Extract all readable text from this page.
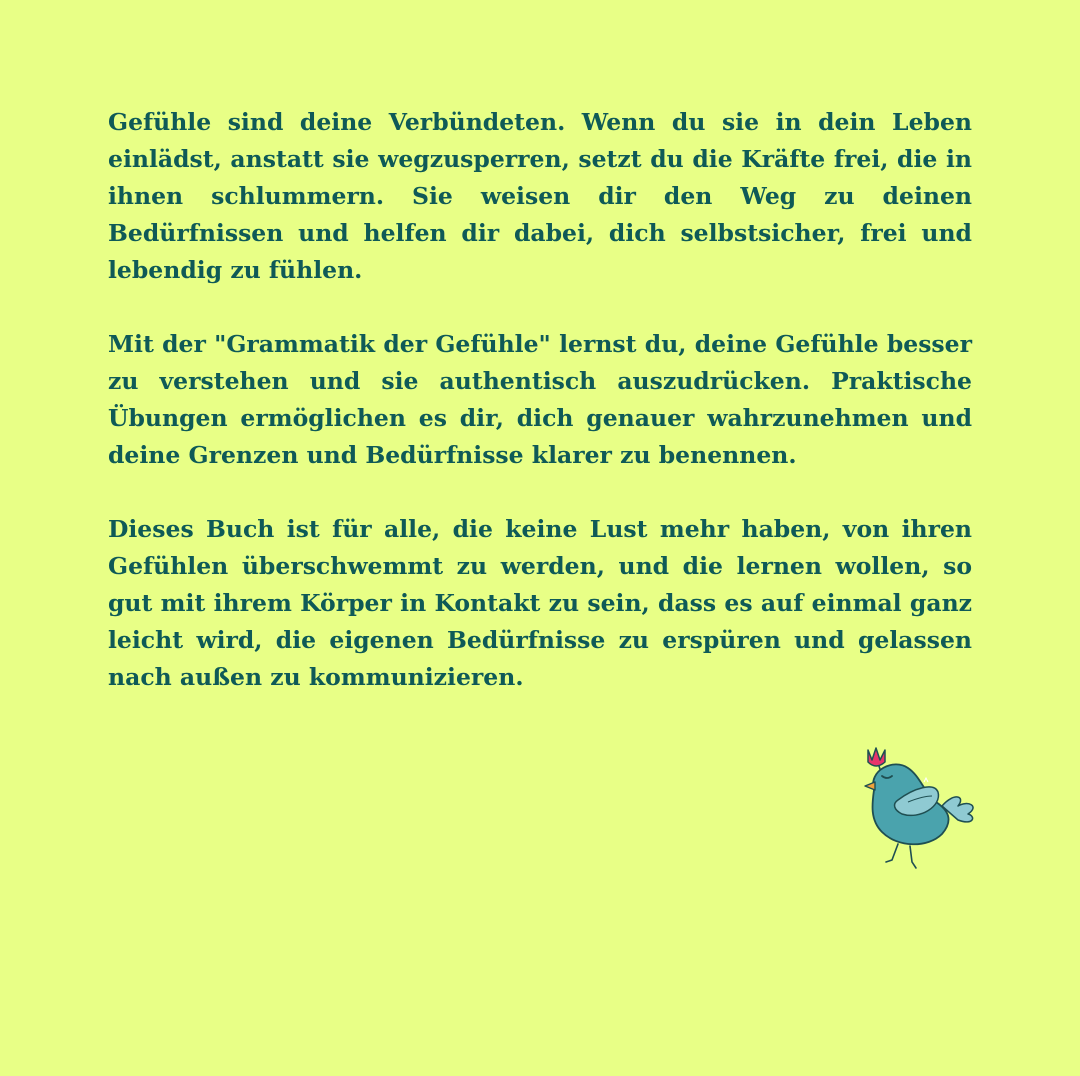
Gefühle sind deine Verbündeten. Wenn du sie in dein Leben einlädst, anstatt sie wegzusperren, setzt du die Kräfte frei, die in ihnen schlummern. Sie weisen dir den Weg zu deinen Bedürfnissen und helfen dir dabei, dich selbstsicher, frei und lebendig zu fühlen.

Mit der "Grammatik der Gefühle" lernst du, deine Gefühle besser zu verstehen und sie authentisch auszudrücken. Praktische Übungen ermöglichen es dir, dich genauer wahrzunehmen und deine Grenzen und Bedürfnisse klarer zu benennen.

Dieses Buch ist für alle, die keine Lust mehr haben, von ihren Gefühlen überschwemmt zu werden, und die lernen wollen, so gut mit ihrem Körper in Kontakt zu sein, dass es auf einmal ganz leicht wird, die eigenen Bedürfnisse zu erspüren und gelassen nach außen zu kommunizieren.
